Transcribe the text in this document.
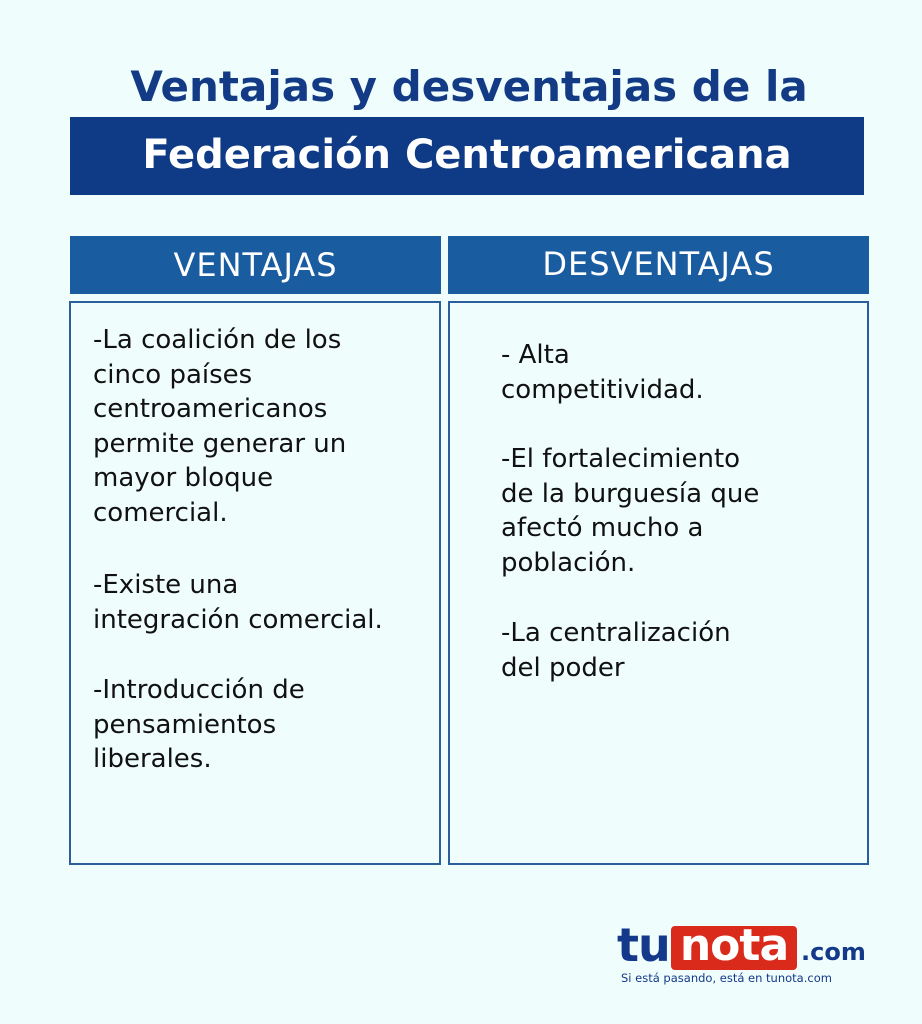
Ventajas y desventajas de la
Federación Centroamericana
VENTAJAS	DESVENTAJAS
-La coalición de los
cinco países
centroamericanos
permite generar un
mayor bloque
comercial.
-Existe una
integración comercial.
-Introducción de
pensamientos
liberales.
- Alta
competitividad.
-El fortalecimiento
de la burguesía que
afectó mucho a
población.
-La centralización
del poder
tu nota .com
Si está pasando, está en tunota.com
